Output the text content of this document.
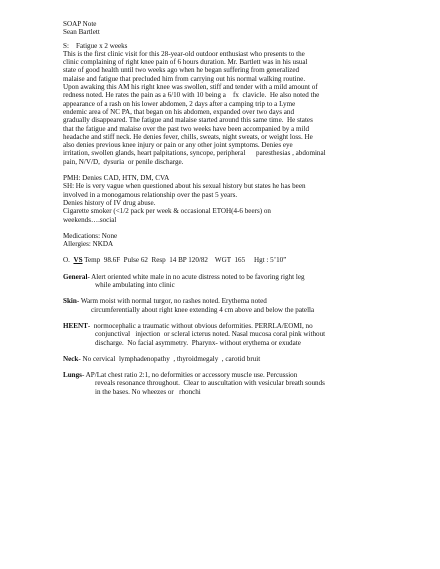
SOAP Note
Sean Bartlett
S: Fatigue x 2 weeks
This is the first clinic visit for this 28-year-old outdoor enthusiast who presents to the
clinic complaining of right knee pain of 6 hours duration. Mr. Bartlett was in his usual
state of good health until two weeks ago when he began suffering from generalized
malaise and fatigue that precluded him from carrying out his normal walking routine.
Upon awaking this AM his right knee was swollen, stiff and tender with a mild amount of
redness noted. He rates the pain as a 6/10 with 10 being a    fx  clavicle.  He also noted the
appearance of a rash on his lower abdomen, 2 days after a camping trip to a Lyme
endemic area of NC PA, that began on his abdomen, expanded over two days and
gradually disappeared. The fatigue and malaise started around this same time.  He states
that the fatigue and malaise over the past two weeks have been accompanied by a mild
headache and stiff neck. He denies fever, chills, sweats, night sweats, or weight loss. He
also denies previous knee injury or pain or any other joint symptoms. Denies eye
irritation, swollen glands, heart palpitations, syncope, peripheral      paresthesias , abdominal
pain, N/V/D,  dysuria  or penile discharge.
PMH: Denies CAD, HTN, DM, CVA
SH: He is very vague when questioned about his sexual history but states he has been
involved in a monogamous relationship over the past 5 years.
Denies history of IV drug abuse.
Cigarette smoker (<1/2 pack per week & occasional ETOH(4-6 beers) on
weekends….social
Medications: None
Allergies: NKDA
O. VS Temp  98.6F  Pulse 62  Resp  14 BP 120/82    WGT  165     Hgt : 5’10”
General- Alert oriented white male in no acute distress noted to be favoring right leg
while ambulating into clinic
Skin- Warm moist with normal turgor, no rashes noted. Erythema noted
circumferentially about right knee extending 4 cm above and below the patella
HEENT-  normocephalic a traumatic without obvious deformities. PERRLA/EOMI, no
conjunctival   injection  or scleral icterus noted. Nasal mucosa coral pink without
discharge.  No facial asymmetry.  Pharynx- without erythema or exudate
Neck- No cervical  lymphadenopathy  , thyroidmegaly  , carotid bruit
Lungs- AP/Lat chest ratio 2:1, no deformities or accessory muscle use. Percussion
reveals resonance throughout.  Clear to auscultation with vesicular breath sounds
in the bases. No wheezes or   rhonchi
